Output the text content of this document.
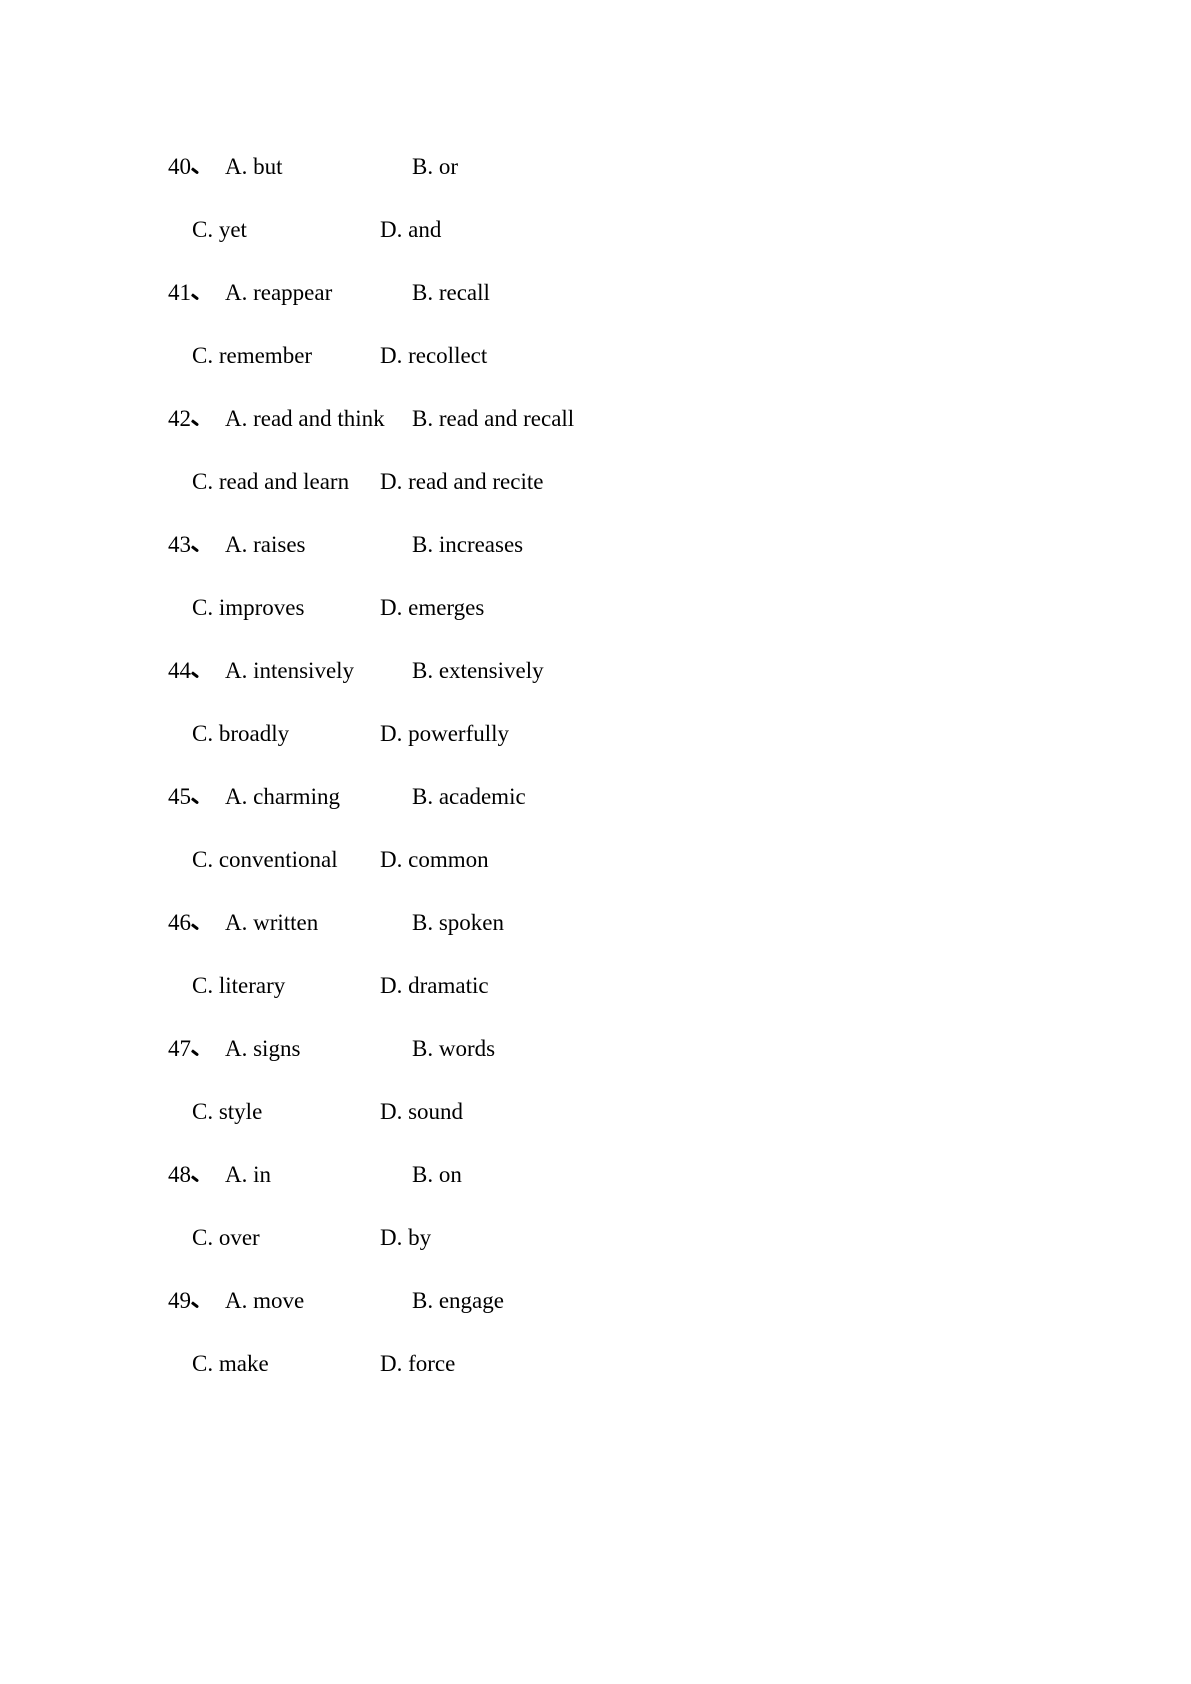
40 A. but	B. or
C. yet	D. and
41 A. reappear	B. recall
C. remember	D. recollect
42 A. read and think	B. read and recall
C. read and learn	D. read and recite
43 A. raises	B. increases
C. improves	D. emerges
44 A. intensively	B. extensively
C. broadly	D. powerfully
45 A. charming	B. academic
C. conventional	D. common
46 A. written	B. spoken
C. literary	D. dramatic
47 A. signs	B. words
C. style	D. sound
48 A. in	B. on
C. over	D. by
49 A. move	B. engage
C. make	D. force
